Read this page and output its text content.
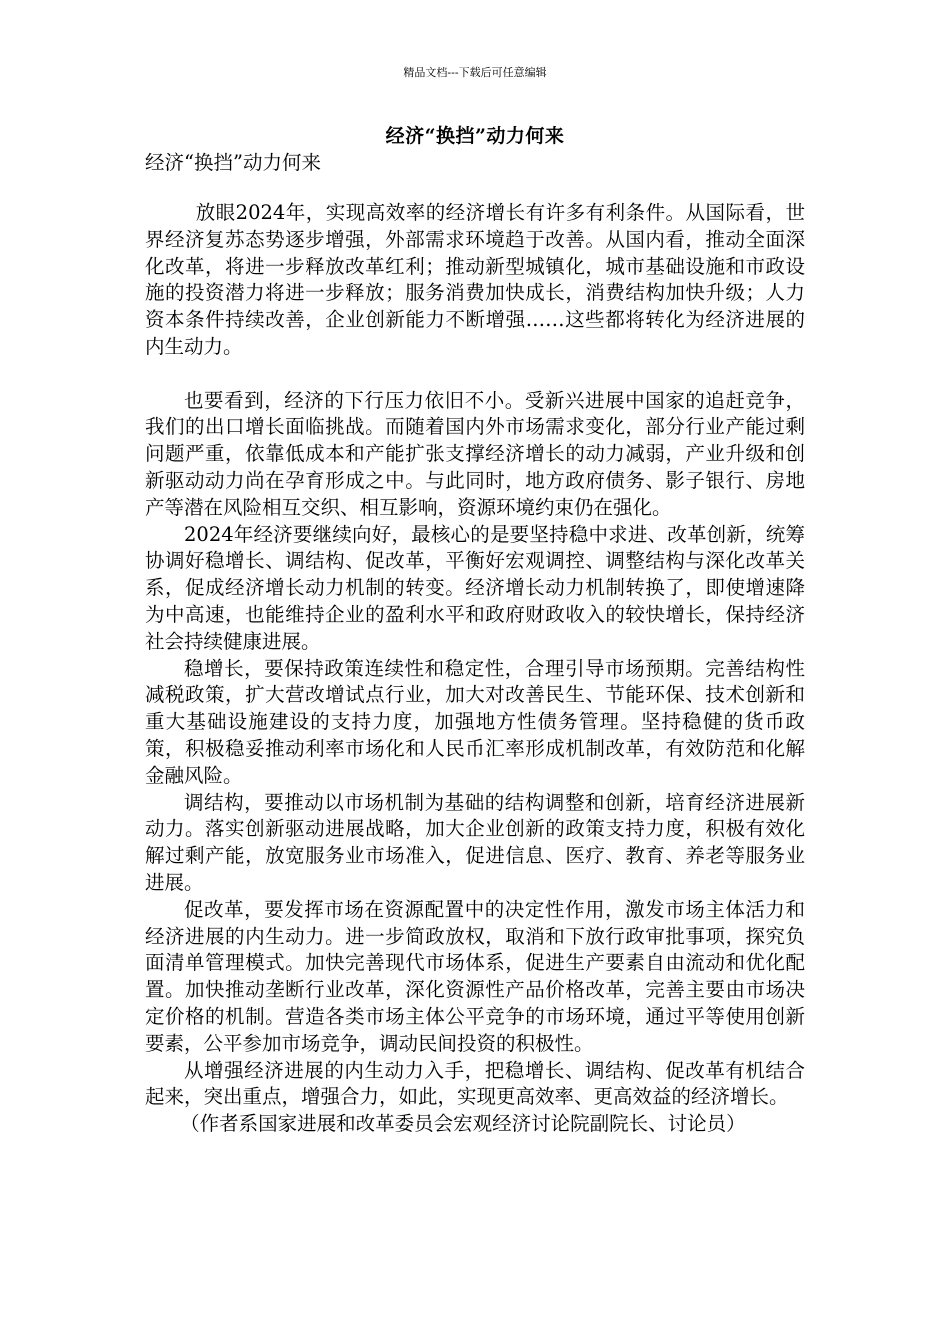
精品文档---下载后可任意编辑
经济“换挡”动力何来
经济“换挡”动力何来

放眼2024年，实现高效率的经济增长有许多有利条件。从国际看，世界经济复苏态势逐步增强，外部需求环境趋于改善。从国内看，推动全面深化改革，将进一步释放改革红利；推动新型城镇化，城市基础设施和市政设施的投资潜力将进一步释放；服务消费加快成长，消费结构加快升级；人力资本条件持续改善，企业创新能力不断增强……这些都将转化为经济进展的内生动力。

也要看到，经济的下行压力依旧不小。受新兴进展中国家的追赶竞争，我们的出口增长面临挑战。而随着国内外市场需求变化，部分行业产能过剩问题严重，依靠低成本和产能扩张支撑经济增长的动力减弱，产业升级和创新驱动动力尚在孕育形成之中。与此同时，地方政府债务、影子银行、房地产等潜在风险相互交织、相互影响，资源环境约束仍在强化。

2024年经济要继续向好，最核心的是要坚持稳中求进、改革创新，统筹协调好稳增长、调结构、促改革，平衡好宏观调控、调整结构与深化改革关系，促成经济增长动力机制的转变。经济增长动力机制转换了，即使增速降为中高速，也能维持企业的盈利水平和政府财政收入的较快增长，保持经济社会持续健康进展。

稳增长，要保持政策连续性和稳定性，合理引导市场预期。完善结构性减税政策，扩大营改增试点行业，加大对改善民生、节能环保、技术创新和重大基础设施建设的支持力度，加强地方性债务管理。坚持稳健的货币政策，积极稳妥推动利率市场化和人民币汇率形成机制改革，有效防范和化解金融风险。

调结构，要推动以市场机制为基础的结构调整和创新，培育经济进展新动力。落实创新驱动进展战略，加大企业创新的政策支持力度，积极有效化解过剩产能，放宽服务业市场准入，促进信息、医疗、教育、养老等服务业进展。

促改革，要发挥市场在资源配置中的决定性作用，激发市场主体活力和经济进展的内生动力。进一步简政放权，取消和下放行政审批事项，探究负面清单管理模式。加快完善现代市场体系，促进生产要素自由流动和优化配置。加快推动垄断行业改革，深化资源性产品价格改革，完善主要由市场决定价格的机制。营造各类市场主体公平竞争的市场环境，通过平等使用创新要素，公平参加市场竞争，调动民间投资的积极性。

从增强经济进展的内生动力入手，把稳增长、调结构、促改革有机结合起来，突出重点，增强合力，如此，实现更高效率、更高效益的经济增长。

（作者系国家进展和改革委员会宏观经济讨论院副院长、讨论员）
